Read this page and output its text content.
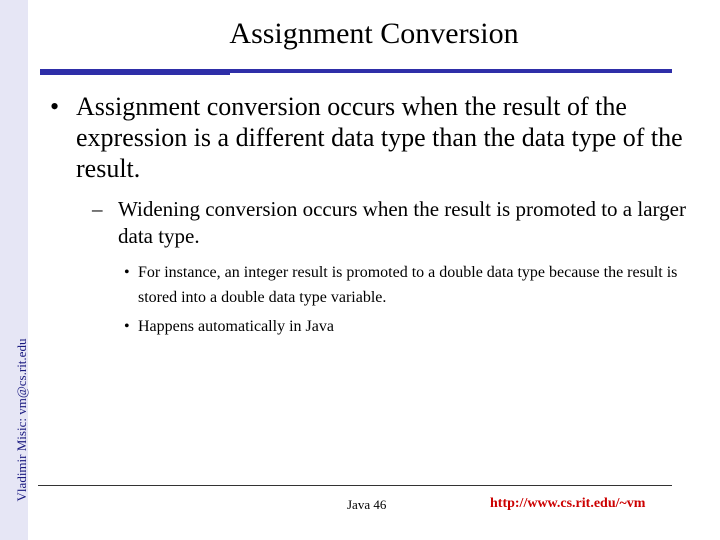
Vladimir Misic: vm@cs.rit.edu
Assignment Conversion
• Assignment conversion occurs when the result of the expression is a different data type than the data type of the result.
– Widening conversion occurs when the result is promoted to a larger data type.
• For instance, an integer result is promoted to a double data type because the result is stored into a double data type variable.
• Happens automatically in Java
Java 46	http://www.cs.rit.edu/~vm
